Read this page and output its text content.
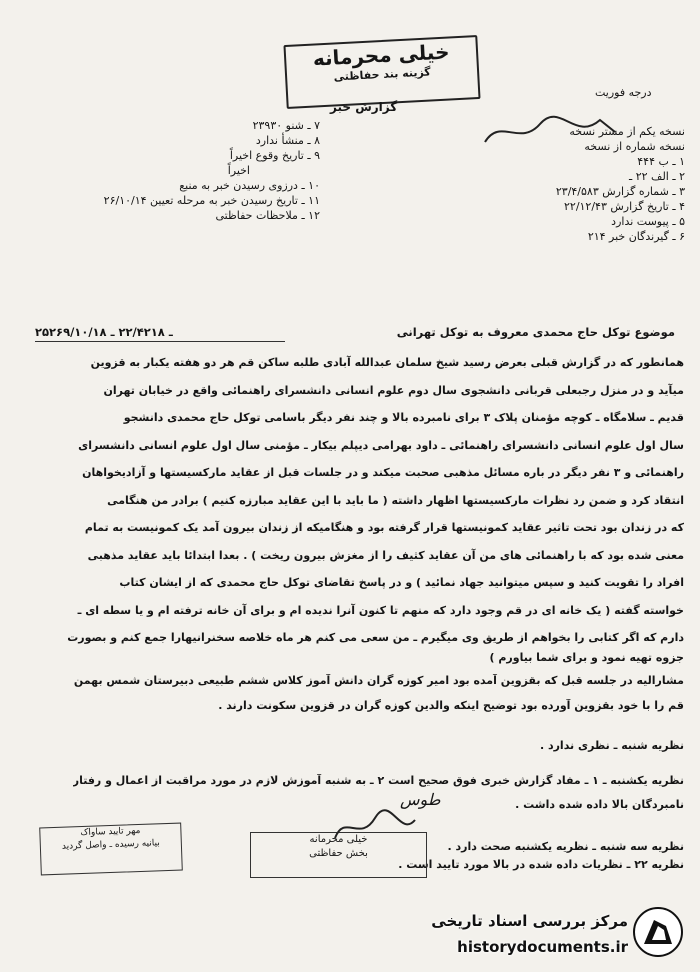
خیلی محرمانه
گزینه بند حفاظتی
گزارش خبر
درجه فوریت
۷ ـ شنو ۲۳۹۳۰
۸ ـ منشأ ندارد
۹ ـ تاریخ وقوع اخیراً
اخیراً
۱۰ ـ درزوی رسیدن خبر به منبع
۱۱ ـ تاریخ رسیدن خبر به مرحله تعیین ۲۶/۱۰/۱۴
۱۲ ـ ملاحظات حفاظتی
نسخه یکم از مستر نسخه
نسخه شماره از نسخه
۱ ـ ب ۴۴۴
۲ ـ الف ۲۲ ـ
۳ ـ شماره گزارش ۲۳/۴/۵۸۳
۴ ـ تاریخ گزارش ۲۲/۱۲/۴۳
۵ ـ پیوست ندارد
۶ ـ گیرندگان خبر ۲۱۴
موضوع توکل حاج محمدی معروف به توکل تهرانی
۲۵۲۶۹/۱۰/۱۸ ـ ۲۲/۴۲۱۸ ـ
همانطور که در گزارش قبلی بعرض رسید شیخ سلمان عبدالله آبادی طلبه ساکن قم هر دو هفته یکبار به قزوین
میآید و در منزل رجبعلی قربانی دانشجوی سال دوم علوم انسانی دانشسرای راهنمائی واقع در خیابان تهران
قدیم ـ سلامگاه ـ کوچه مؤمنان پلاک ۳ برای نامبرده بالا و چند نفر دیگر باسامی توکل حاج محمدی دانشجو
سال اول علوم انسانی دانشسرای راهنمائی ـ داود بهرامی دیپلم بیکار ـ مؤمنی سال اول علوم انسانی دانشسرای
راهنمائی و ۳ نفر دیگر در باره مسائل مذهبی صحبت میکند و در جلسات قبل از عقاید مارکسیستها و آزادیخواهان
انتقاد کرد و ضمن رد نظرات مارکسیستها اظهار داشته ( ما باید با این عقاید مبارزه کنیم ) برادر من هنگامی
که در زندان بود تحت تاثیر عقاید کمونیستها قرار گرفته بود و هنگامیکه از زندان بیرون آمد یک کمونیست به تمام
معنی شده بود که با راهنمائی های من آن عقاید کثیف را از مغزش بیرون ریخت ) . بعدا ابتدائا باید عقاید مذهبی
افراد را تقویت کنید و سپس میتوانید جهاد نمائید ) و در پاسخ تقاضای توکل حاج محمدی که از ایشان کتاب
خواسته گفته ( یک خانه ای در قم وجود دارد که منهم تا کنون آنرا ندیده ام و برای آن خانه ترفته ام و یا سطه ای ـ
دارم که اگر کتابی را بخواهم از طریق وی میگیرم ـ من سعی می کنم هر ماه خلاصه سخنرانیهارا جمع کنم و بصورت
جزوه تهیه نمود و برای شما بیاورم )
مشارالیه در جلسه قبل که بقزوین آمده بود امیر کوزه گران دانش آموز کلاس ششم طبیعی دبیرستان شمس بهمن
قم را با خود بقزوین آورده بود توضیح اینکه والدین کوزه گران در قزوین سکونت دارند .
نظریه شنبه ـ نظری ندارد .
نظریه یکشنبه ـ ۱ ـ مفاد گزارش خبری فوق صحیح است ۲ ـ به شنبه آموزش لازم در مورد مراقبت از اعمال و رفتار
نامبردگان بالا داده شده داشت .
نظریه سه شنبه ـ نظریه یکشنبه صحت دارد .
نظریه ۲۲ ـ نظریات داده شده در بالا مورد تایید است .
طوس
مهر تایید ساواک
بیانیه رسیده ـ واصل گردید	خیلی محرمانه
بخش حفاظتی
مرکز بررسی اسناد تاریخی
historydocuments.ir
